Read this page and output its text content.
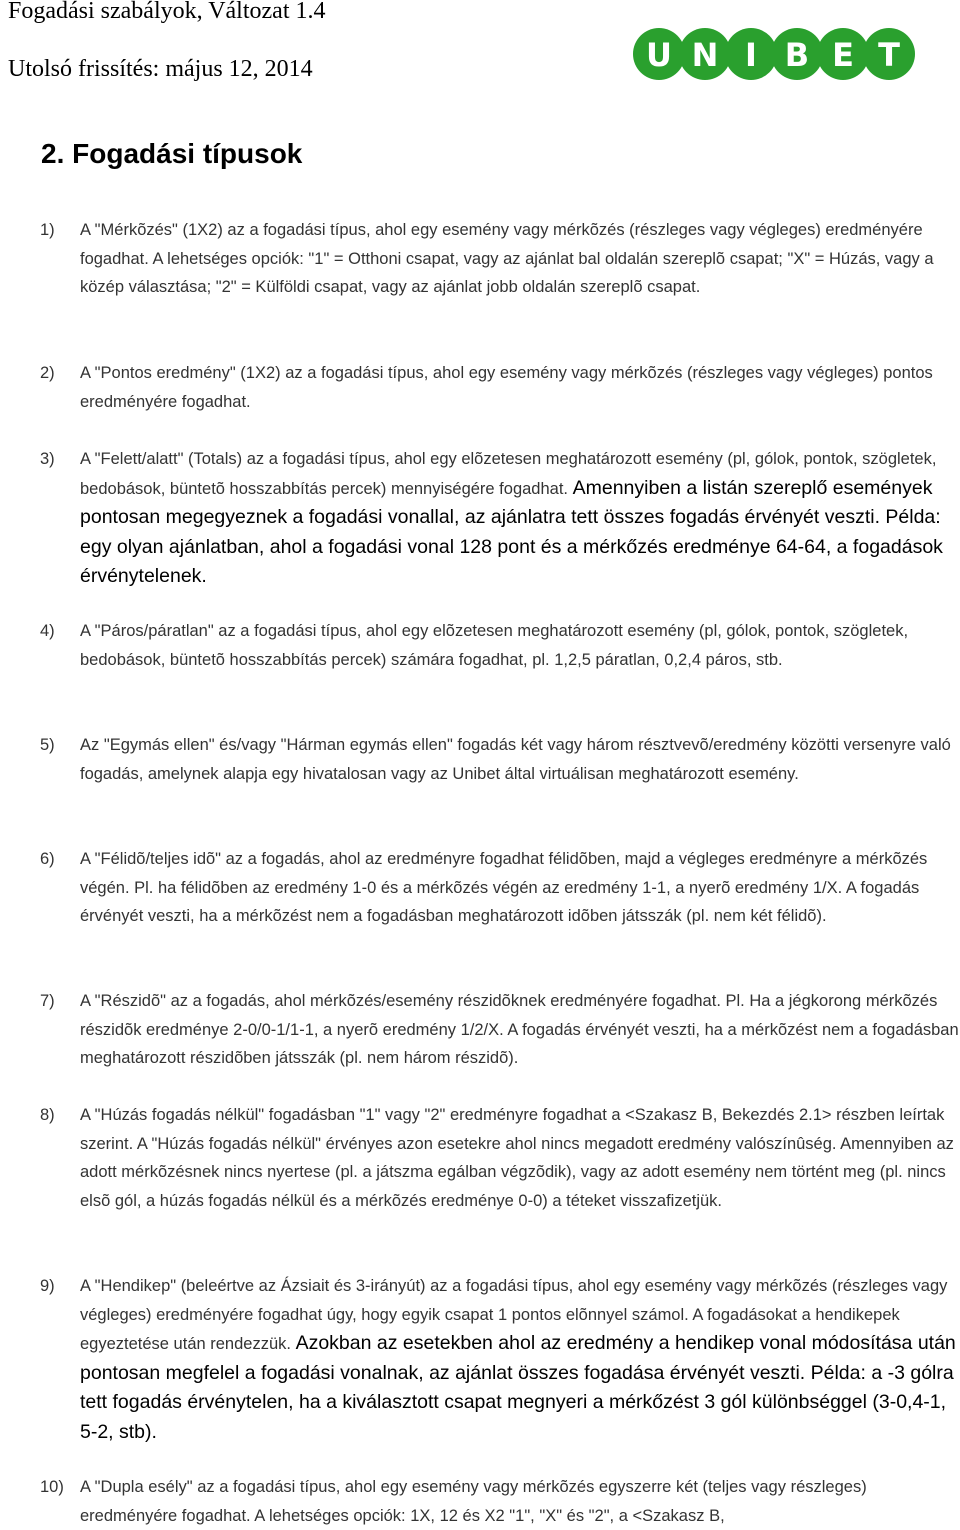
Fogadási szabályok, Változat 1.4
Utolsó frissítés: május 12, 2014	U N I B E T
2. Fogadási típusok
1) A "Mérkõzés" (1X2) az a fogadási típus, ahol egy esemény vagy mérkõzés (részleges vagy végleges) eredményére fogadhat. A lehetséges opciók: "1" = Otthoni csapat, vagy az ajánlat bal oldalán szereplõ csapat; "X" = Húzás, vagy a közép választása; "2" = Külföldi csapat, vagy az ajánlat jobb oldalán szereplõ csapat.
2) A "Pontos eredmény" (1X2) az a fogadási típus, ahol egy esemény vagy mérkõzés (részleges vagy végleges) pontos eredményére fogadhat.
3) A "Felett/alatt" (Totals) az a fogadási típus, ahol egy elõzetesen meghatározott esemény (pl, gólok, pontok, szögletek, bedobások, büntetõ hosszabbítás percek) mennyiségére fogadhat. Amennyiben a listán szereplő események pontosan megegyeznek a fogadási vonallal, az ajánlatra tett összes fogadás érvényét veszti. Példa: egy olyan ajánlatban, ahol a fogadási vonal 128 pont és a mérkőzés eredménye 64-64, a fogadások érvénytelenek.
4) A "Páros/páratlan" az a fogadási típus, ahol egy elõzetesen meghatározott esemény (pl, gólok, pontok, szögletek, bedobások, büntetõ hosszabbítás percek) számára fogadhat, pl. 1,2,5 páratlan, 0,2,4 páros, stb.
5) Az "Egymás ellen" és/vagy "Hárman egymás ellen" fogadás két vagy három résztvevõ/eredmény közötti versenyre való fogadás, amelynek alapja egy hivatalosan vagy az Unibet által virtuálisan meghatározott esemény.
6) A "Félidõ/teljes idõ" az a fogadás, ahol az eredményre fogadhat félidõben, majd a végleges eredményre a mérkõzés végén. Pl. ha félidõben az eredmény 1-0 és a mérkõzés végén az eredmény 1-1, a nyerõ eredmény 1/X. A fogadás érvényét veszti, ha a mérkõzést nem a fogadásban meghatározott idõben játsszák (pl. nem két félidõ).
7) A "Részidõ" az a fogadás, ahol mérkõzés/esemény részidõknek eredményére fogadhat. Pl. Ha a jégkorong mérkõzés részidõk eredménye 2-0/0-1/1-1, a nyerõ eredmény 1/2/X. A fogadás érvényét veszti, ha a mérkõzést nem a fogadásban meghatározott részidõben játsszák (pl. nem három részidõ).
8) A "Húzás fogadás nélkül" fogadásban "1" vagy "2" eredményre fogadhat a <Szakasz B, Bekezdés 2.1> részben leírtak szerint. A "Húzás fogadás nélkül" érvényes azon esetekre ahol nincs megadott eredmény valószínûség. Amennyiben az adott mérkõzésnek nincs nyertese (pl. a játszma egálban végzõdik), vagy az adott esemény nem történt meg (pl. nincs elsõ gól, a húzás fogadás nélkül és a mérkõzés eredménye 0-0) a téteket visszafizetjük.
9) A "Hendikep" (beleértve az Ázsiait és 3-irányút) az a fogadási típus, ahol egy esemény vagy mérkõzés (részleges vagy végleges) eredményére fogadhat úgy, hogy egyik csapat 1 pontos elõnnyel számol. A fogadásokat a hendikepek egyeztetése után rendezzük. Azokban az esetekben ahol az eredmény a hendikep vonal módosítása után pontosan megfelel a fogadási vonalnak, az ajánlat összes fogadása érvényét veszti. Példa: a -3 gólra tett fogadás érvénytelen, ha a kiválasztott csapat megnyeri a mérkőzést 3 gól különbséggel (3-0,4-1, 5-2, stb).
10) A "Dupla esély" az a fogadási típus, ahol egy esemény vagy mérkõzés egyszerre két (teljes vagy részleges) eredményére fogadhat. A lehetséges opciók: 1X, 12 és X2 "1", "X" és "2", a <Szakasz B,
